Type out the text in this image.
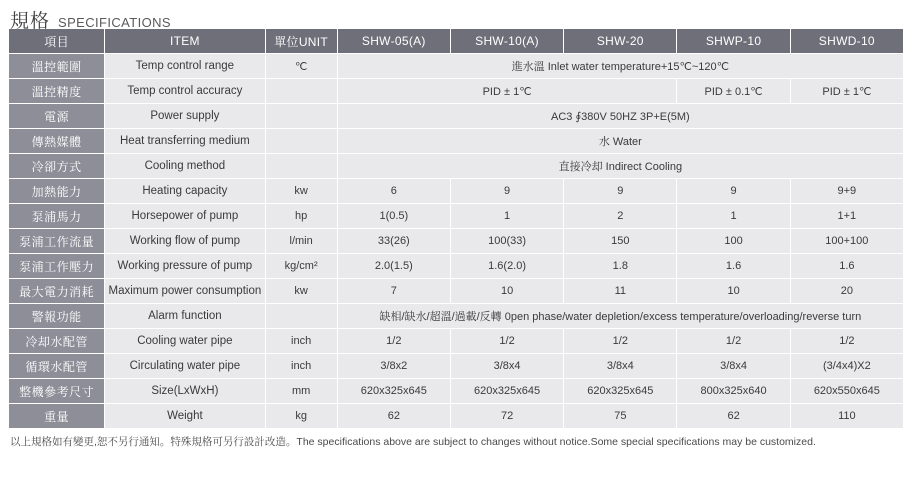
規格 SPECIFICATIONS
項目	ITEM	單位UNIT	SHW-05(A)	SHW-10(A)	SHW-20	SHWP-10	SHWD-10
溫控範圍	Temp control range	℃	進水溫 Inlet water temperature+15℃~120℃				
溫控精度	Temp control accuracy		PID ± 1℃			PID ± 0.1℃	PID ± 1℃
電源	Power supply		AC3 ∮380V 50HZ 3P+E(5M)				
傳熱媒體	Heat transferring medium		水 Water				
冷卻方式	Cooling method		直接冷却 Indirect Cooling				
加熱能力	Heating capacity	kw	6	9	9	9	9+9
泵浦馬力	Horsepower of pump	hp	1(0.5)	1	2	1	1+1
泵浦工作流量	Working flow of pump	l/min	33(26)	100(33)	150	100	100+100
泵浦工作壓力	Working pressure of pump	kg/cm²	2.0(1.5)	1.6(2.0)	1.8	1.6	1.6
最大電力消耗	Maximum power consumption	kw	7	10	11	10	20
警報功能	Alarm function		缺相/缺水/超溫/過載/反轉 0pen phase/water depletion/excess temperature/overloading/reverse turn				
冷却水配管	Cooling water pipe	inch	1/2	1/2	1/2	1/2	1/2
循環水配管	Circulating water pipe	inch	3/8x2	3/8x4	3/8x4	3/8x4	(3/4x4)X2
整機參考尺寸	Size(LxWxH)	mm	620x325x645	620x325x645	620x325x645	800x325x640	620x550x645
重量	Weight	kg	62	72	75	62	110
以上規格如有變更,恕不另行通知。特殊規格可另行設計改造。The specifications above are subject to changes without notice.Some special specifications may be customized.
